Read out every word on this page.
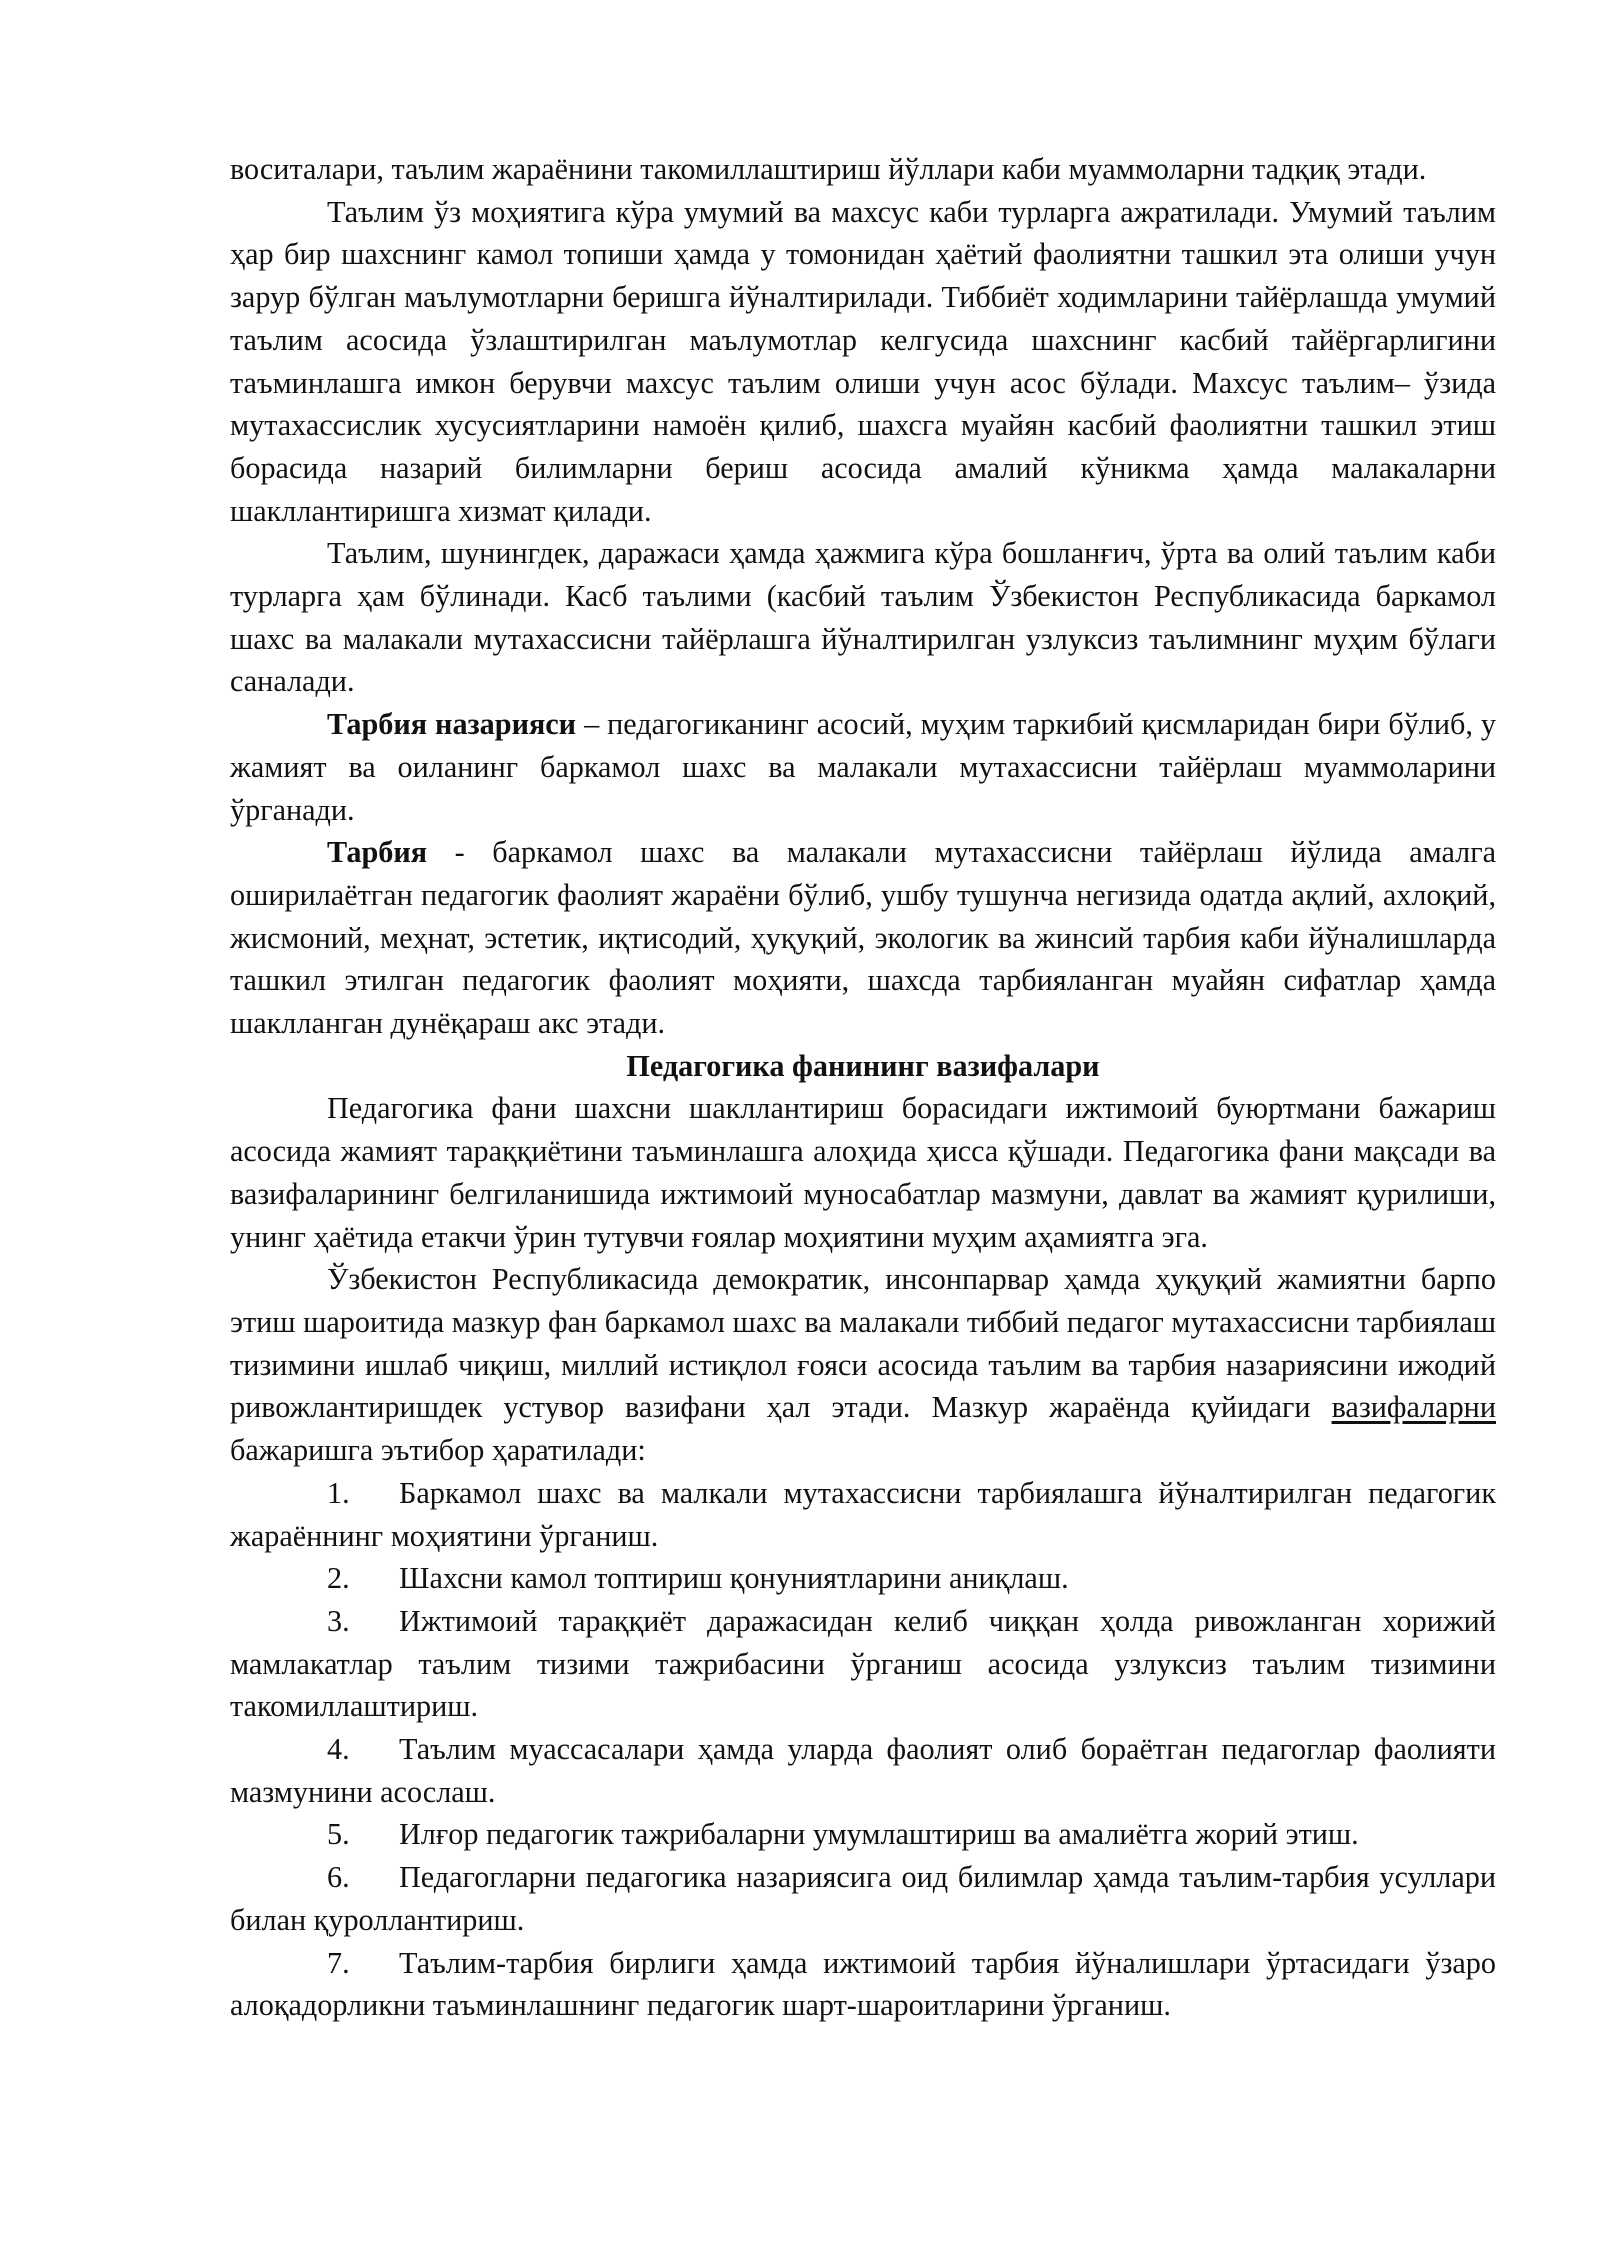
воситалари, таълим жараёнини такомиллаштириш йўллари каби муаммоларни тадқиқ этади.

Таълим ўз моҳиятига кўра умумий ва махсус каби турларга ажратилади. Умумий таълим ҳар бир шахснинг камол топиши ҳамда у томонидан ҳаётий фаолиятни ташкил эта олиши учун зарур бўлган маълумотларни беришга йўналтирилади. Тиббиёт ходимларини тайёрлашда умумий таълим асосида ўзлаштирилган маълумотлар келгусида шахснинг касбий тайёргарлигини таъминлашга имкон берувчи махсус таълим олиши учун асос бўлади. Махсус таълим– ўзида мутахассислик хусусиятларини намоён қилиб, шахсга муайян касбий фаолиятни ташкил этиш борасида назарий билимларни бериш асосида амалий кўникма ҳамда малакаларни шакллантиришга хизмат қилади.

Таълим, шунингдек, даражаси ҳамда ҳажмига кўра бошланғич, ўрта ва олий таълим каби турларга ҳам бўлинади. Касб таълими (касбий таълим Ўзбекистон Республикасида баркамол шахс ва малакали мутахассисни тайёрлашга йўналтирилган узлуксиз таълимнинг муҳим бўлаги саналади.

Тарбия назарияси – педагогиканинг асосий, муҳим таркибий қисмларидан бири бўлиб, у жамият ва оиланинг баркамол шахс ва малакали мутахассисни тайёрлаш муаммоларини ўрганади.

Тарбия - баркамол шахс ва малакали мутахассисни тайёрлаш йўлида амалга оширилаётган педагогик фаолият жараёни бўлиб, ушбу тушунча негизида одатда ақлий, ахлоқий, жисмоний, меҳнат, эстетик, иқтисодий, ҳуқуқий, экологик ва жинсий тарбия каби йўналишларда ташкил этилган педагогик фаолият моҳияти, шахсда тарбияланган муайян сифатлар ҳамда шаклланган дунёқараш акс этади.

Педагогика фанининг вазифалари

Педагогика фани шахсни шакллантириш борасидаги ижтимоий буюртмани бажариш асосида жамият тараққиётини таъминлашга алоҳида ҳисса қўшади. Педагогика фани мақсади ва вазифаларининг белгиланишида ижтимоий муносабатлар мазмуни, давлат ва жамият қурилиши, унинг ҳаётида етакчи ўрин тутувчи ғоялар моҳиятини муҳим аҳамиятга эга.

Ўзбекистон Республикасида демократик, инсонпарвар ҳамда ҳуқуқий жамиятни барпо этиш шароитида мазкур фан баркамол шахс ва малакали тиббий педагог мутахассисни тарбиялаш тизимини ишлаб чиқиш, миллий истиқлол ғояси асосида таълим ва тарбия назариясини ижодий ривожлантиришдек устувор вазифани ҳал этади. Мазкур жараёнда қуйидаги вазифаларни бажаришга эътибор ҳаратилади:

1. Баркамол шахс ва малкали мутахассисни тарбиялашга йўналтирилган педагогик жараённинг моҳиятини ўрганиш.

2. Шахсни камол топтириш қонуниятларини аниқлаш.

3. Ижтимоий тараққиёт даражасидан келиб чиққан ҳолда ривожланган хорижий мамлакатлар таълим тизими тажрибасини ўрганиш асосида узлуксиз таълим тизимини такомиллаштириш.

4. Таълим муассасалари ҳамда уларда фаолият олиб бораётган педагоглар фаолияти мазмунини асослаш.

5. Илғор педагогик тажрибаларни умумлаштириш ва амалиётга жорий этиш.

6. Педагогларни педагогика назариясига оид билимлар ҳамда таълим-тарбия усуллари билан қуроллантириш.

7. Таълим-тарбия бирлиги ҳамда ижтимоий тарбия йўналишлари ўртасидаги ўзаро алоқадорликни таъминлашнинг педагогик шарт-шароитларини ўрганиш.
